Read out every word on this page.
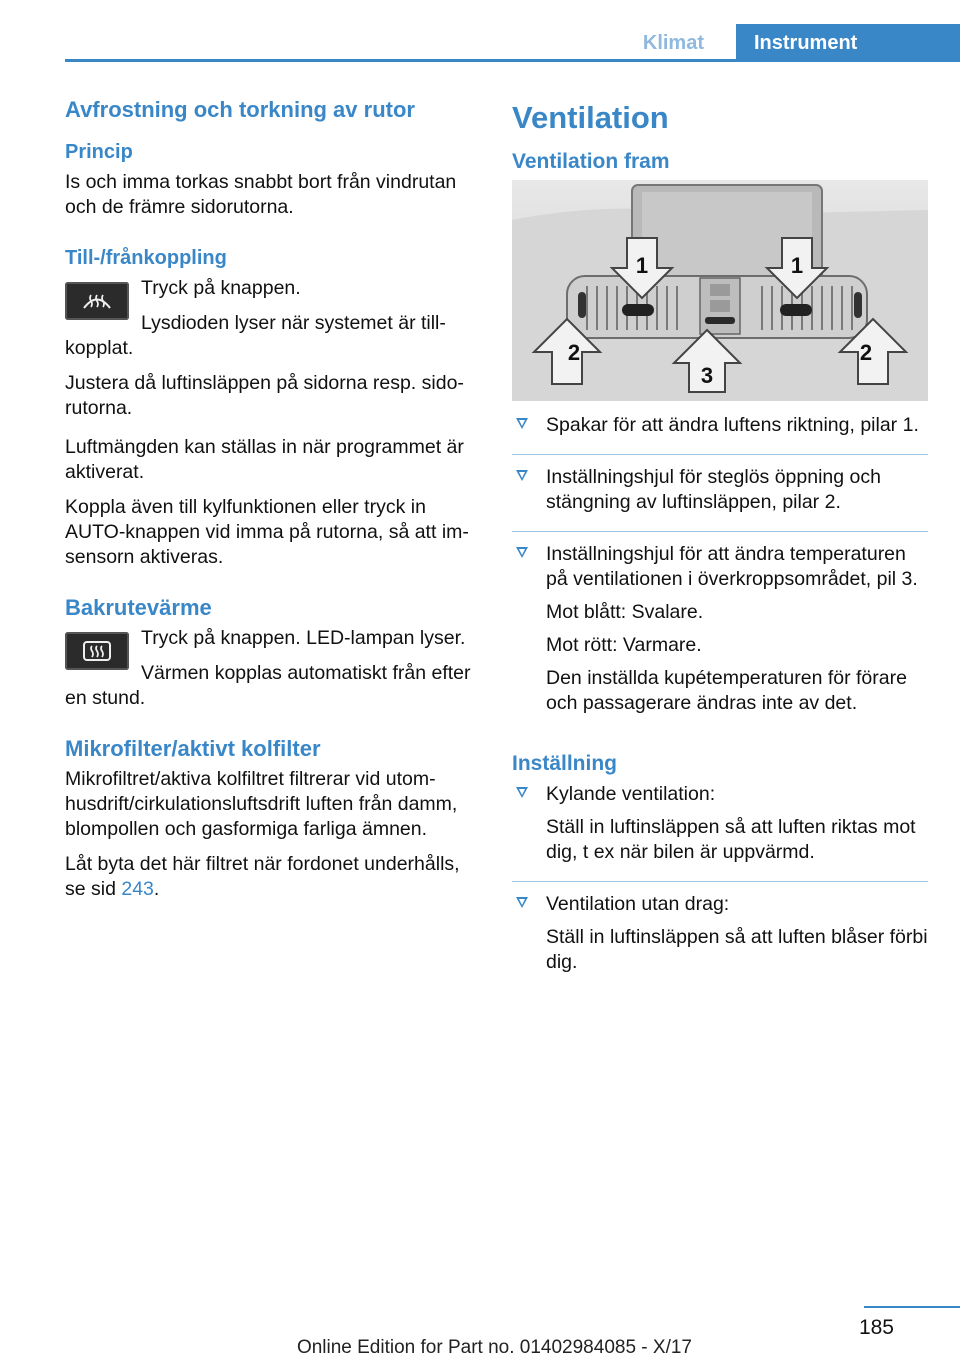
Klimat	Instrument
Avfrostning och torkning av rutor
Princip

Is och imma torkas snabbt bort från vindrutan och de främre sidorutorna.

Till-/frånkoppling

Tryck på knappen.

Lysdioden lyser när systemet är till-kopplat.

Justera då luftinsläppen på sidorna resp. sido-rutorna.

Luftmängden kan ställas in när programmet är aktiverat.

Koppla även till kylfunktionen eller tryck in AUTO-knappen vid imma på rutorna, så att im-sensorn aktiveras.

Bakrutevärme

Tryck på knappen. LED-lampan lyser.

Värmen kopplas automatiskt från efter en stund.

Mikrofilter/aktivt kolfilter

Mikrofiltret/aktiva kolfiltret filtrerar vid utom-husdrift/cirkulationsluftsdrift luften från damm, blompollen och gasformiga farliga ämnen.

Låt byta det här filtret när fordonet underhålls, se sid 243.

Ventilation
Ventilation fram
1	1
2
3
2

Spakar för att ändra luftens riktning, pilar 1.

Inställningshjul för steglös öppning och stängning av luftinsläppen, pilar 2.

Inställningshjul för att ändra temperaturen på ventilationen i överkroppsområdet, pil 3.

Mot blått: Svalare.

Mot rött: Varmare.

Den inställda kupétemperaturen för förare och passagerare ändras inte av det.

Inställning

Kylande ventilation:

Ställ in luftinsläppen så att luften riktas mot dig, t ex när bilen är uppvärmd.

Ventilation utan drag:

Ställ in luftinsläppen så att luften blåser förbi dig.

185
Online Edition for Part no. 01402984085 - X/17
